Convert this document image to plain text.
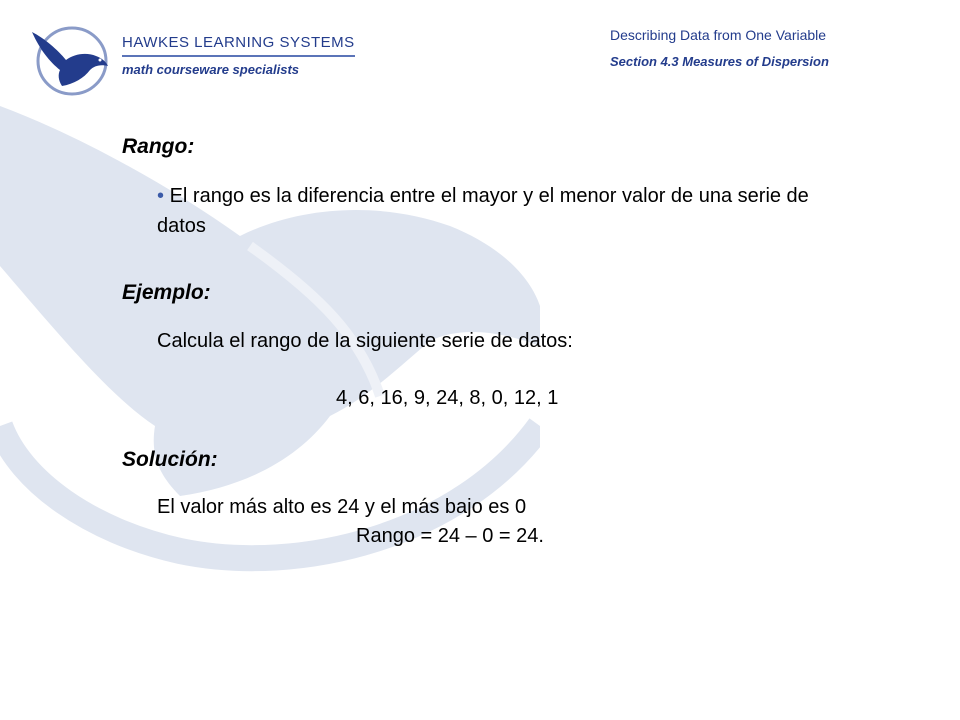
HAWKES LEARNING SYSTEMS
math courseware specialists
Describing Data from One Variable
Section 4.3 Measures of Dispersion
Rango:
• El rango es la diferencia entre el mayor y el menor valor de una serie de datos
Ejemplo:
Calcula el rango de la siguiente serie de datos:
4, 6, 16, 9, 24, 8, 0, 12, 1
Solución:
El valor más alto es 24 y el más bajo es 0
Rango = 24 – 0 = 24.
